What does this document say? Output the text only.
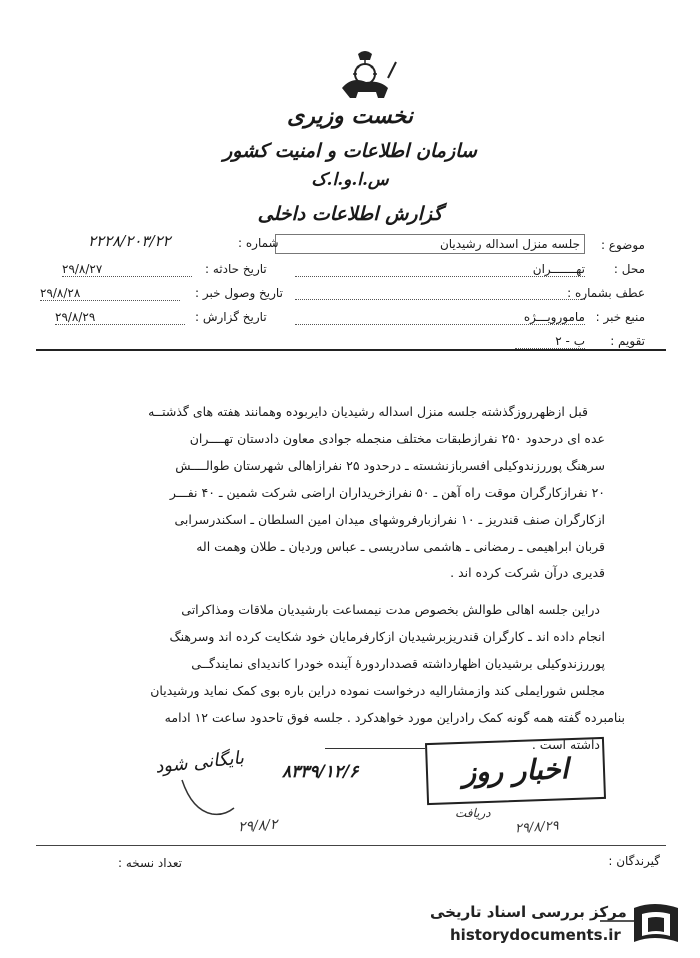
نخست وزیری
سازمان اطلاعات و امنیت کشور
س.ا.و.ا.ک
گزارش اطلاعات داخلی
موضوع :
جلسه منزل اسداله رشیدیان
محل :
تهـــــــران
عطف بشماره :
منبع خبر :
مامورویـــژه
تقویم :
ب - ۲
شماره :
۲۲۲۸/۲۰۳/۲۲
تاریخ حادثه :
۲۹/۸/۲۷
تاریخ وصول خبر :
۲۹/۸/۲۸
تاریخ گزارش :
۲۹/۸/۲۹
قبل ازظهرروزگذشته جلسه منزل اسداله رشیدیان دایربوده وهمانند هفته های گذشتــه
عده ای درحدود ۲۵۰ نفرازطبقات مختلف منجمله جوادی معاون دادستان تهــــران
سرهنگ پوررزندوکیلی افسربازنشسته ـ درحدود ۲۵ نفرازاهالی شهرستان طوالــــش
۲۰ نفرازکارگران موقت راه آهن ـ ۵۰ نفرازخریداران اراضی شرکت شمین ـ ۴۰ نفـــر
ازکارگران صنف قندریز ـ ۱۰ نفرازبارفروشهای میدان امین السلطان ـ اسکندرسرابی
قربان ابراهیمی ـ رمضانی ـ هاشمی سادریسی ـ عباس وردیان ـ طلان وهمت اله
قدیری درآن شرکت کرده اند .
دراین جلسه اهالی طوالش بخصوص مدت نیمساعت بارشیدیان ملاقات ومذاکراتی
انجام داده اند ـ کارگران قندریزبرشیدیان ازکارفرمایان خود شکایت کرده اند وسرهنگ
پوررزندوکیلی برشیدیان اظهارداشته قصدداردورهٔ آینده خودرا کاندیدای نمایندگــی
مجلس شورایملی کند وازمشارالیه درخواست نموده دراین باره بوی کمک نماید ورشیدیان
بنامبرده گفته همه گونه کمک رادراین مورد خواهدکرد . جلسه فوق تاحدود ساعت ۱۲ ادامه
داشته است .
بایگانی شود
۲۹/۸/۲
۸۳۳۹/۱۲/۶	اخبار روز
دریافت
۲۹/۸/۲۹
گیرندگان :
تعداد نسخه :
مرکز بررسی اسناد تاریخی
historydocuments.ir
